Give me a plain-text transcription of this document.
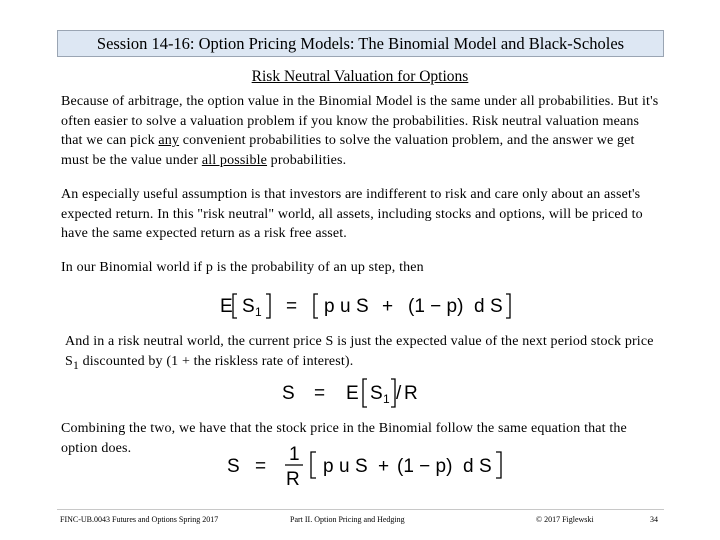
Session 14-16: Option Pricing Models: The Binomial Model and Black-Scholes
Risk Neutral Valuation for Options
Because of arbitrage, the option value in the Binomial Model is the same under all probabilities. But it's often easier to solve a valuation problem if you know the probabilities. Risk neutral valuation means that we can pick any convenient probabilities to solve the valuation problem, and the answer we get must be the value under all possible probabilities.
An especially useful assumption is that investors are indifferent to risk and care only about an asset's expected return. In this "risk neutral" world, all assets, including stocks and options, will be priced to have the same expected return as a risk free asset.
In our Binomial world if p is the probability of an up step, then
E S 1 = p u S + (1 − p) d S
And in a risk neutral world, the current price S is just the expected value of the next period stock price $S_1$ discounted by (1 + the riskless rate of interest).
S = E S 1 / R
Combining the two, we have that the stock price in the Binomial follow the same equation that the option does.
S =
1
R
p u S + (1 − p) d S
FINC-UB.0043 Futures and Options Spring 2017	Part II. Option Pricing and Hedging	© 2017 Figlewski	34
